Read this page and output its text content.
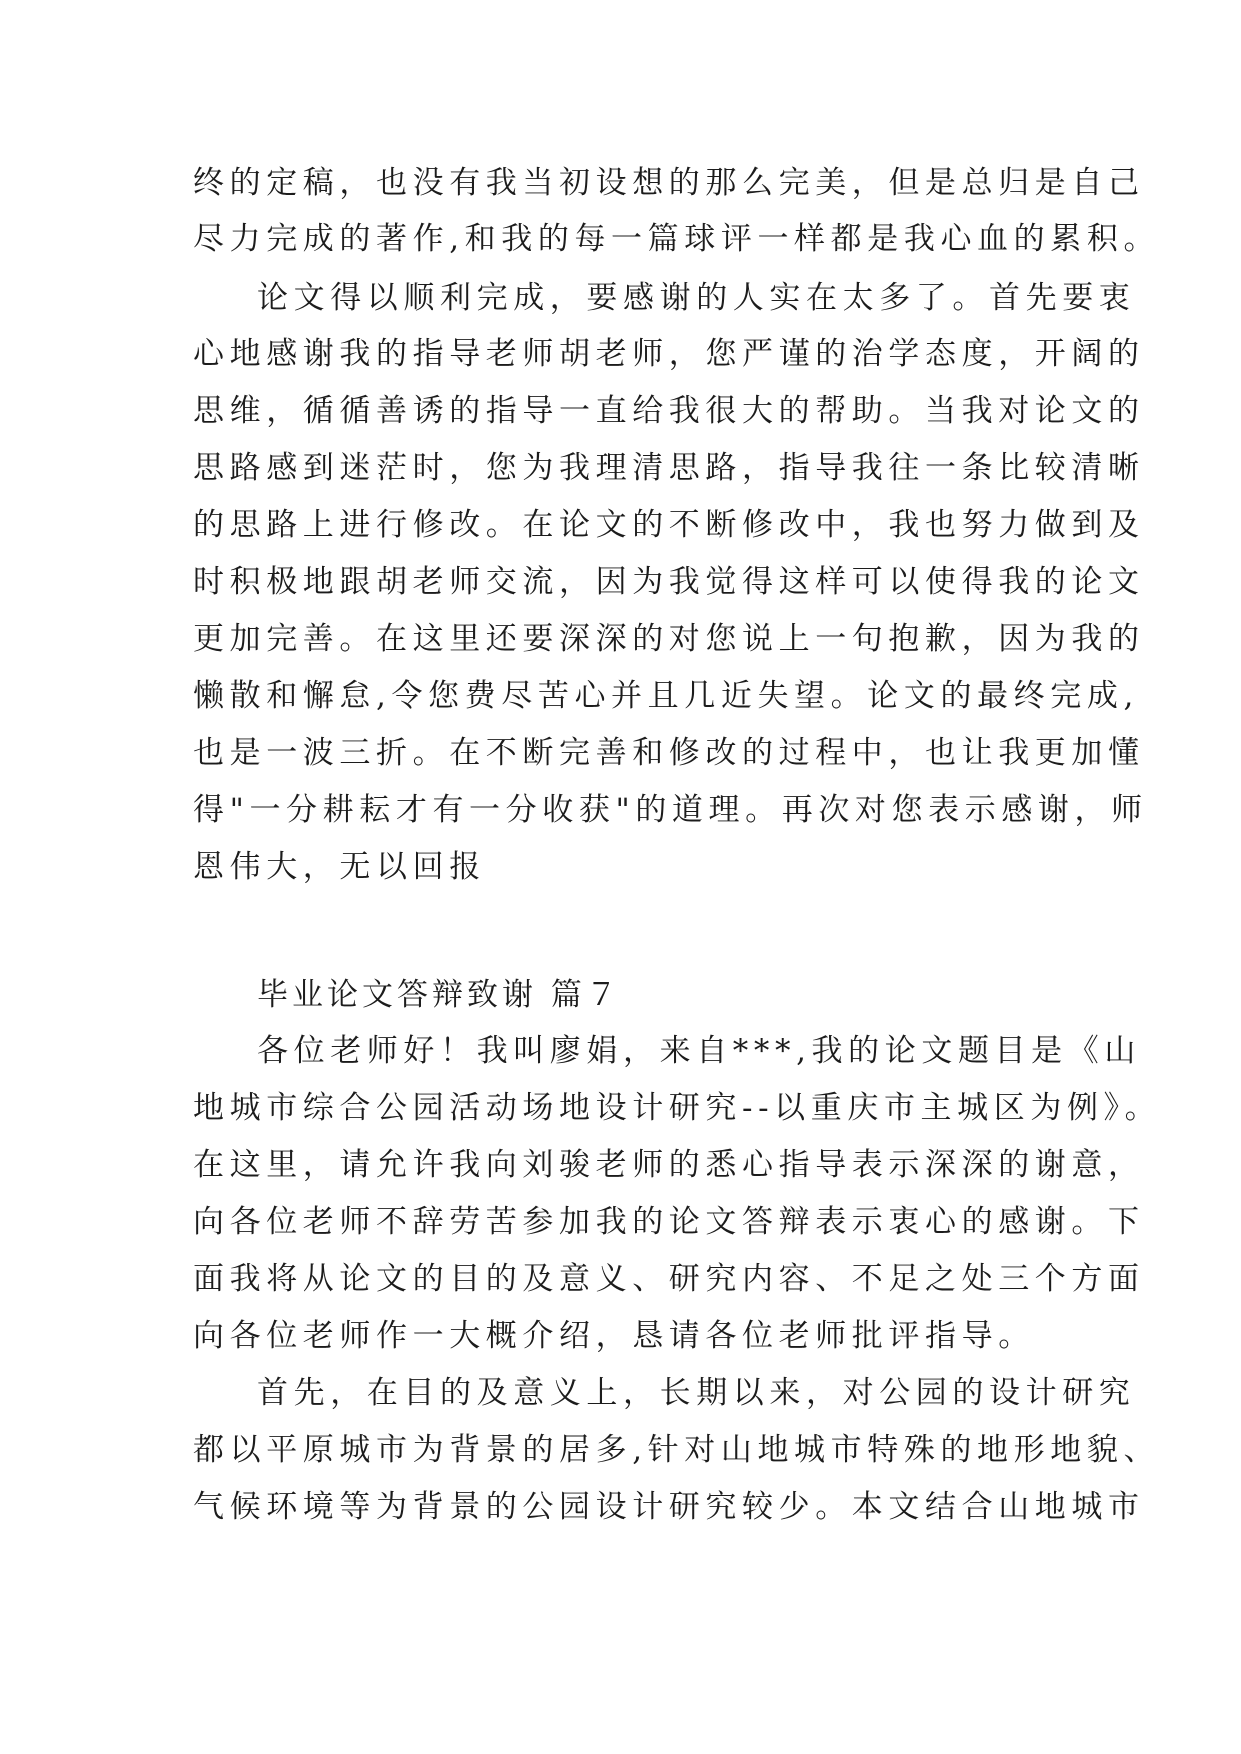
终的定稿，也没有我当初设想的那么完美，但是总归是自己
尽力完成的著作,和我的每一篇球评一样都是我心血的累积。
论文得以顺利完成，要感谢的人实在太多了。首先要衷
心地感谢我的指导老师胡老师，您严谨的治学态度，开阔的
思维，循循善诱的指导一直给我很大的帮助。当我对论文的
思路感到迷茫时，您为我理清思路，指导我往一条比较清晰
的思路上进行修改。在论文的不断修改中，我也努力做到及
时积极地跟胡老师交流，因为我觉得这样可以使得我的论文
更加完善。在这里还要深深的对您说上一句抱歉，因为我的
懒散和懈怠,令您费尽苦心并且几近失望。论文的最终完成,
也是一波三折。在不断完善和修改的过程中，也让我更加懂
得"一分耕耘才有一分收获"的道理。再次对您表示感谢，师
恩伟大，无以回报
毕业论文答辩致谢 篇７
各位老师好！我叫廖娟，来自***,我的论文题目是《山
地城市综合公园活动场地设计研究--以重庆市主城区为例》。
在这里，请允许我向刘骏老师的悉心指导表示深深的谢意，
向各位老师不辞劳苦参加我的论文答辩表示衷心的感谢。下
面我将从论文的目的及意义、研究内容、不足之处三个方面
向各位老师作一大概介绍，恳请各位老师批评指导。
首先，在目的及意义上，长期以来，对公园的设计研究
都以平原城市为背景的居多,针对山地城市特殊的地形地貌、
气候环境等为背景的公园设计研究较少。本文结合山地城市
